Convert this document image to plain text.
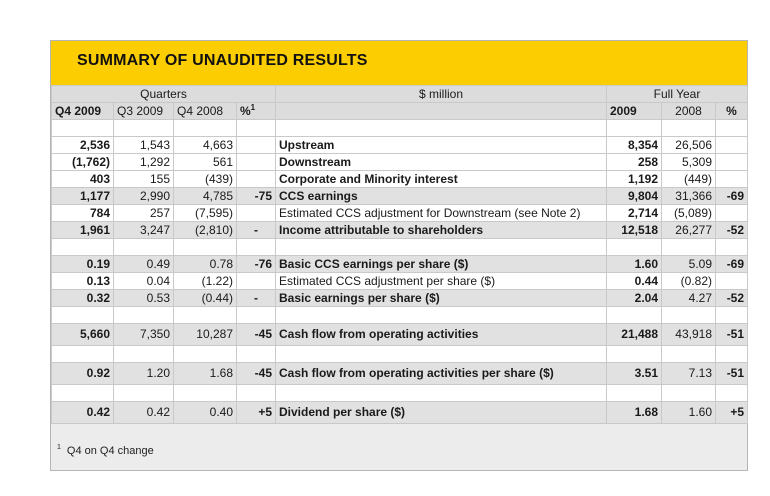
SUMMARY OF UNAUDITED RESULTS
Quarters				$ million	Full Year		
Q4 2009	Q3 2009	Q4 2008	%$^1$		2009	2008	%

2,536	1,543	4,663		Upstream	8,354	26,506	
(1,762)	1,292	561		Downstream	258	5,309	
403	155	(439)		Corporate and Minority interest	1,192	(449)	
1,177	2,990	4,785	-75	CCS earnings	9,804	31,366	-69
784	257	(7,595)		Estimated CCS adjustment for Downstream (see Note 2)	2,714	(5,089)	
1,961	3,247	(2,810)	-	Income attributable to shareholders	12,518	26,277	-52

0.19	0.49	0.78	-76	Basic CCS earnings per share ($)	1.60	5.09	-69
0.13	0.04	(1.22)		Estimated CCS adjustment per share ($)	0.44	(0.82)	
0.32	0.53	(0.44)	-	Basic earnings per share ($)	2.04	4.27	-52

5,660	7,350	10,287	-45	Cash flow from operating activities	21,488	43,918	-51

0.92	1.20	1.68	-45	Cash flow from operating activities per share ($)	3.51	7.13	-51

0.42	0.42	0.40	+5	Dividend per share ($)	1.68	1.60	+5
$^1$ Q4 on Q4 change
